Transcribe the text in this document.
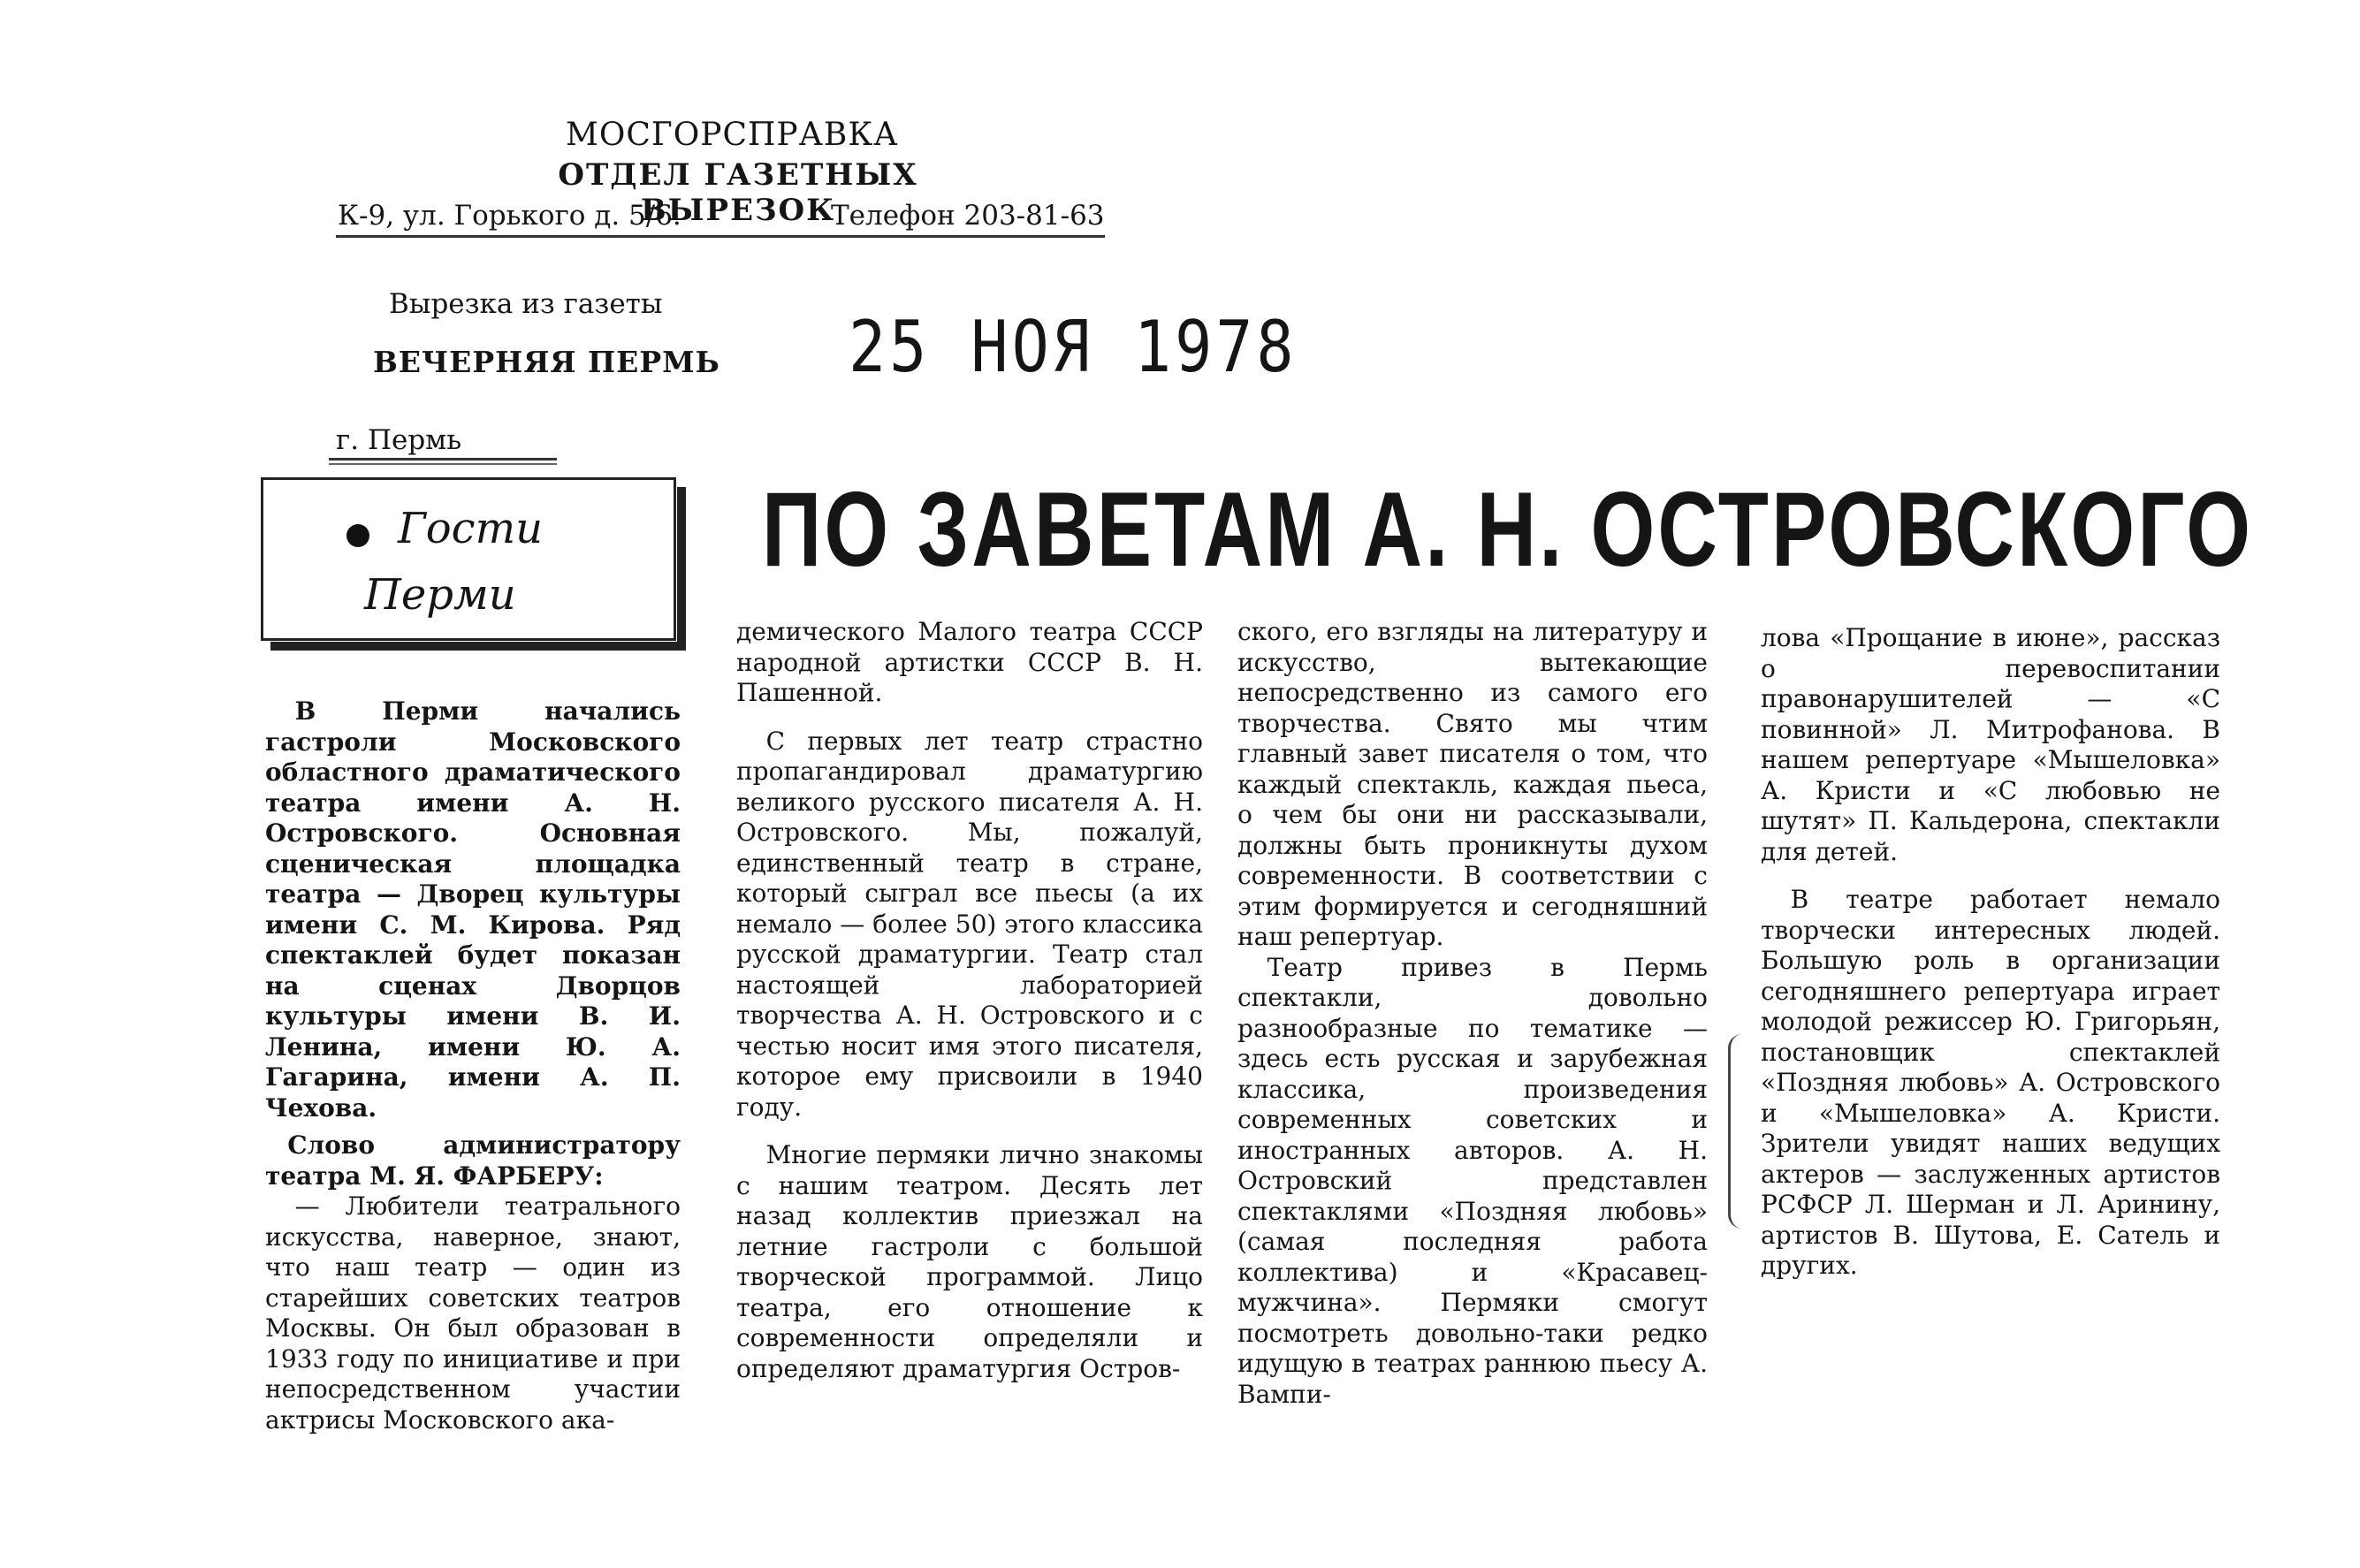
МОСГОРСПРАВКА
ОТДЕЛ ГАЗЕТНЫХ ВЫРЕЗОК
К-9, ул. Горького д. 5/6.	Телефон 203-81-63
Вырезка из газеты
ВЕЧЕРНЯЯ ПЕРМЬ 25 НОЯ 1978
г. Пермь
Гости
Перми
ПО ЗАВЕТАМ А. Н. ОСТРОВСКОГО

В Перми начались гастроли Московского областного драматического театра имени А. Н. Островского. Основная сценическая площадка театра — Дворец культуры имени С. М. Кирова. Ряд спектаклей будет показан на сценах Дворцов культуры имени В. И. Ленина, имени Ю. А. Гагарина, имени А. П. Чехова.

Слово администратору театра М. Я. ФАРБЕРУ:

— Любители театрального искусства, наверное, знают, что наш театр — один из старейших советских театров Москвы. Он был образован в 1933 году по инициативе и при непосредственном участии актрисы Московского ака-

демического Малого театра СССР народной артистки СССР В. Н. Пашенной.

С первых лет театр страстно пропагандировал драматургию великого русского писателя А. Н. Островского. Мы, пожалуй, единственный театр в стране, который сыграл все пьесы (а их немало — более 50) этого классика русской драматургии. Театр стал настоящей лабораторией творчества А. Н. Островского и с честью носит имя этого писателя, которое ему присвоили в 1940 году.

Многие пермяки лично знакомы с нашим театром. Десять лет назад коллектив приезжал на летние гастроли с большой творческой программой. Лицо театра, его отношение к современности определяли и определяют драматургия Остров-

ского, его взгляды на литературу и искусство, вытекающие непосредственно из самого его творчества. Свято мы чтим главный завет писателя о том, что каждый спектакль, каждая пьеса, о чем бы они ни рассказывали, должны быть проникнуты духом современности. В соответствии с этим формируется и сегодняшний наш репертуар.

Театр привез в Пермь спектакли, довольно разнообразные по тематике — здесь есть русская и зарубежная классика, произведения современных советских и иностранных авторов. А. Н. Островский представлен спектаклями «Поздняя любовь» (самая последняя работа коллектива) и «Красавец-мужчина». Пермяки смогут посмотреть довольно-таки редко идущую в театрах раннюю пьесу А. Вампи-

лова «Прощание в июне», рассказ о перевоспитании правонарушителей — «С повинной» Л. Митрофанова. В нашем репертуаре «Мышеловка» А. Кристи и «С любовью не шутят» П. Кальдерона, спектакли для детей.

В театре работает немало творчески интересных людей. Большую роль в организации сегодняшнего репертуара играет молодой режиссер Ю. Григорьян, постановщик спектаклей «Поздняя любовь» А. Островского и «Мышеловка» А. Кристи. Зрители увидят наших ведущих актеров — заслуженных артистов РСФСР Л. Шерман и Л. Аринину, артистов В. Шутова, Е. Сатель и других.
